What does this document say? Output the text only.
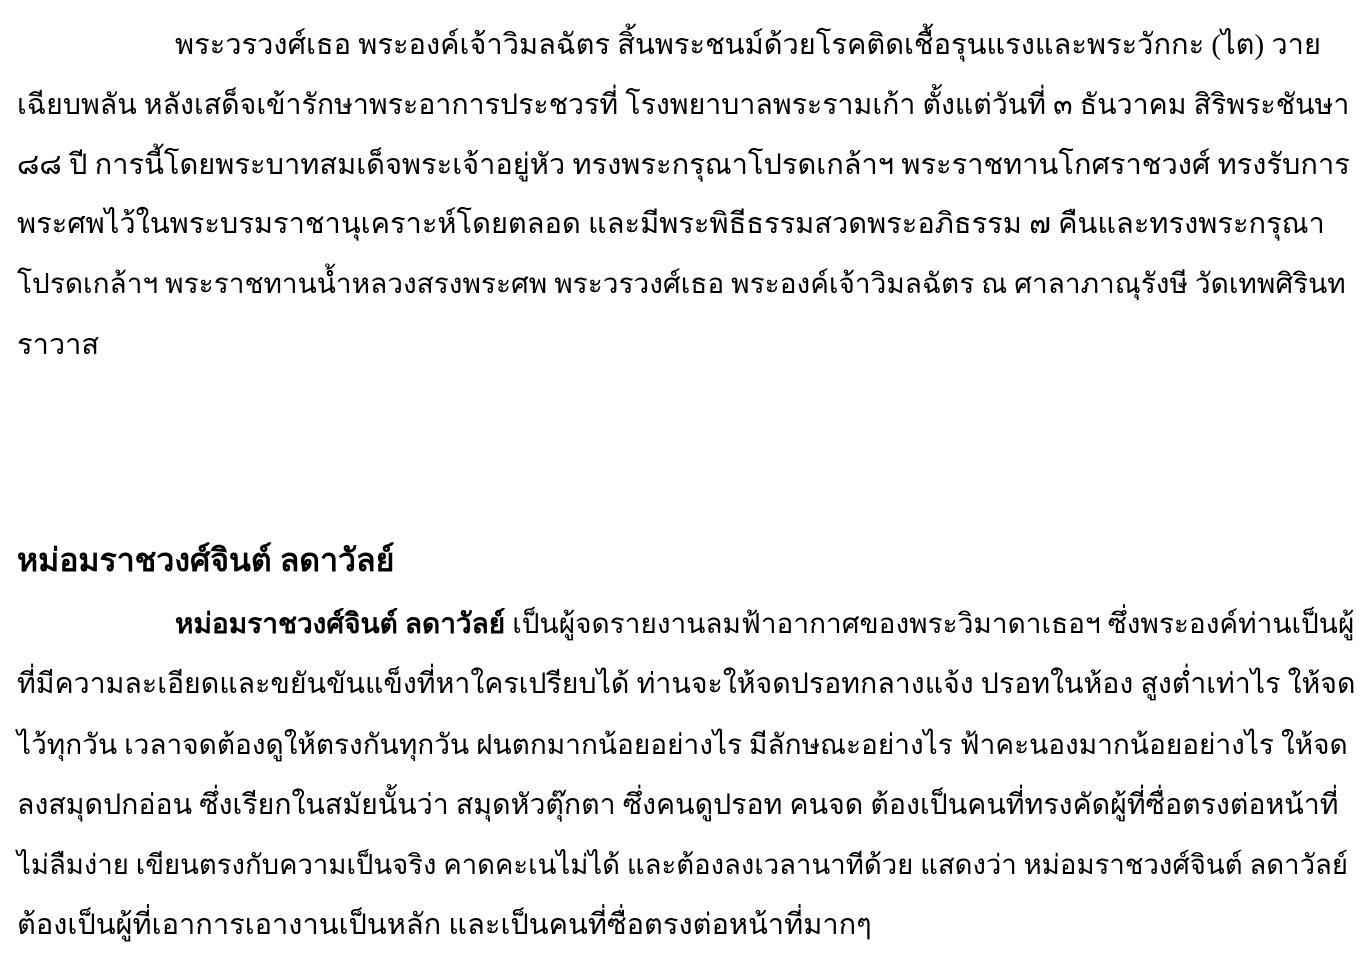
พระวรวงศ์เธอ พระองค์เจ้าวิมลฉัตร สิ้นพระชนม์ด้วยโรคติดเชื้อรุนแรงและพระวักกะ (ไต) วาย
เฉียบพลัน หลังเสด็จเข้ารักษาพระอาการประชวรที่ โรงพยาบาลพระรามเก้า ตั้งแต่วันที่ ๓ ธันวาคม สิริพระชันษา
๘๘ ปี การนี้โดยพระบาทสมเด็จพระเจ้าอยู่หัว ทรงพระกรุณาโปรดเกล้าฯ พระราชทานโกศราชวงศ์ ทรงรับการ
พระศพไว้ในพระบรมราชานุเคราะห์โดยตลอด และมีพระพิธีธรรมสวดพระอภิธรรม ๗ คืนและทรงพระกรุณา
โปรดเกล้าฯ พระราชทานน้ำหลวงสรงพระศพ พระวรวงศ์เธอ พระองค์เจ้าวิมลฉัตร ณ ศาลาภาณุรังษี วัดเทพศิรินท
ราวาส
หม่อมราชวงศ์จินต์ ลดาวัลย์
หม่อมราชวงศ์จินต์ ลดาวัลย์ เป็นผู้จดรายงานลมฟ้าอากาศของพระวิมาดาเธอฯ ซึ่งพระองค์ท่านเป็นผู้
ที่มีความละเอียดและขยันขันแข็งที่หาใครเปรียบได้ ท่านจะให้จดปรอทกลางแจ้ง ปรอทในห้อง สูงต่ำเท่าไร ให้จด
ไว้ทุกวัน เวลาจดต้องดูให้ตรงกันทุกวัน ฝนตกมากน้อยอย่างไร มีลักษณะอย่างไร ฟ้าคะนองมากน้อยอย่างไร ให้จด
ลงสมุดปกอ่อน ซึ่งเรียกในสมัยนั้นว่า สมุดหัวตุ๊กตา ซึ่งคนดูปรอท คนจด ต้องเป็นคนที่ทรงคัดผู้ที่ซื่อตรงต่อหน้าที่
ไม่ลืมง่าย เขียนตรงกับความเป็นจริง คาดคะเนไม่ได้ และต้องลงเวลานาทีด้วย แสดงว่า หม่อมราชวงศ์จินต์ ลดาวัลย์
ต้องเป็นผู้ที่เอาการเอางานเป็นหลัก และเป็นคนที่ซื่อตรงต่อหน้าที่มากๆ
